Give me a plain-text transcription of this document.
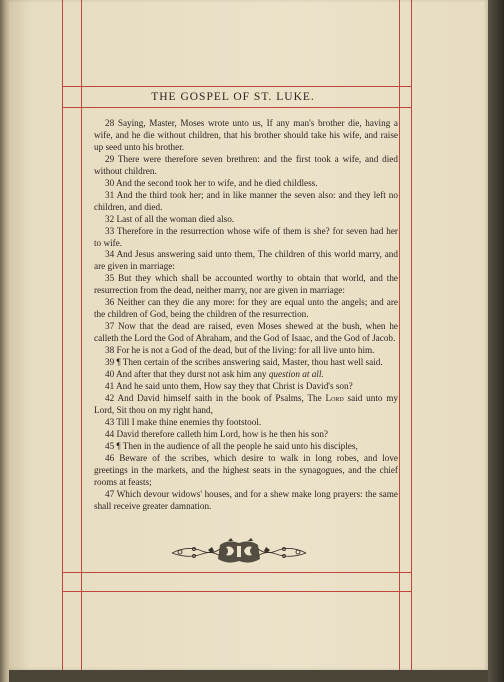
THE GOSPEL OF ST. LUKE.

28 Saying, Master, Moses wrote unto us, If any man's brother die, having a wife, and he die without children, that his brother should take his wife, and raise up seed unto his brother.

29 There were therefore seven brethren: and the first took a wife, and died without children.

30 And the second took her to wife, and he died childless.

31 And the third took her; and in like manner the seven also: and they left no children, and died.

32 Last of all the woman died also.

33 Therefore in the resurrection whose wife of them is she? for seven had her to wife.

34 And Jesus answering said unto them, The children of this world marry, and are given in marriage:

35 But they which shall be accounted worthy to obtain that world, and the resurrection from the dead, neither marry, nor are given in marriage:

36 Neither can they die any more: for they are equal unto the angels; and are the children of God, being the children of the resurrection.

37 Now that the dead are raised, even Moses shewed at the bush, when he calleth the Lord the God of Abraham, and the God of Isaac, and the God of Jacob.

38 For he is not a God of the dead, but of the living: for all live unto him.

39 ¶ Then certain of the scribes answering said, Master, thou hast well said.

40 And after that they durst not ask him any question at all.

41 And he said unto them, How say they that Christ is David's son?

42 And David himself saith in the book of Psalms, The Lord said unto my Lord, Sit thou on my right hand,

43 Till I make thine enemies thy footstool.

44 David therefore calleth him Lord, how is he then his son?

45 ¶ Then in the audience of all the people he said unto his disciples,

46 Beware of the scribes, which desire to walk in long robes, and love greetings in the markets, and the highest seats in the synagogues, and the chief rooms at feasts;

47 Which devour widows' houses, and for a shew make long prayers: the same shall receive greater damnation.
